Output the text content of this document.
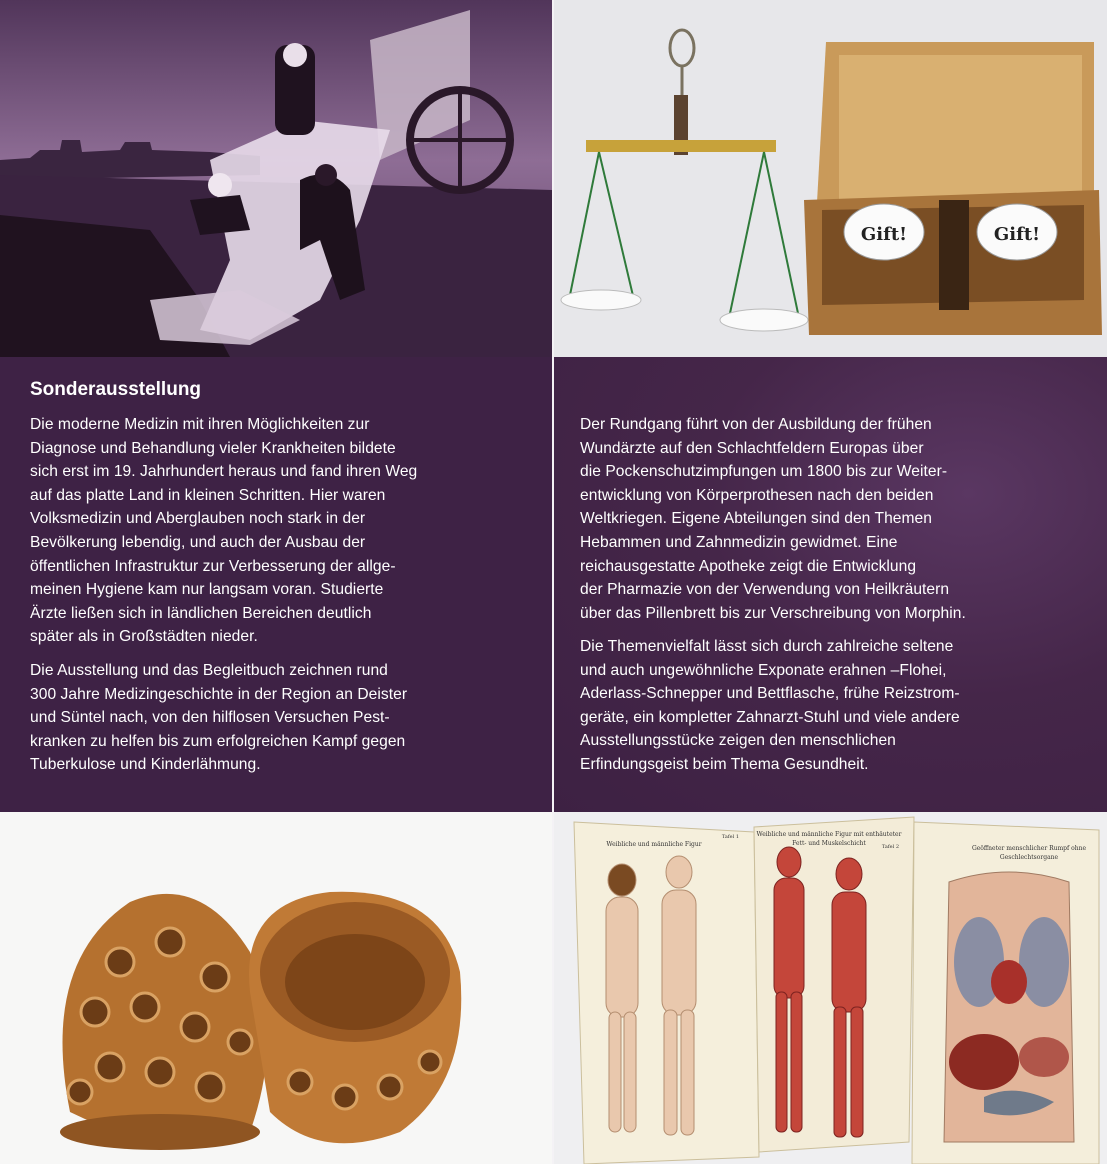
Gift!	Gift!
Sonderausstellung

Die moderne Medizin mit ihren Möglichkeiten zur
Diagnose und Behandlung vieler Krankheiten bildete
sich erst im 19. Jahrhundert heraus und fand ihren Weg
auf das platte Land in kleinen Schritten. Hier waren
Volksmedizin und Aberglauben noch stark in der
Bevölkerung lebendig, und auch der Ausbau der
öffentlichen Infrastruktur zur Verbesserung der allge-
meinen Hygiene kam nur langsam voran. Studierte
Ärzte ließen sich in ländlichen Bereichen deutlich
später als in Großstädten nieder.

Die Ausstellung und das Begleitbuch zeichnen rund
300 Jahre Medizingeschichte in der Region an Deister
und Süntel nach, von den hilflosen Versuchen Pest-
kranken zu helfen bis zum erfolgreichen Kampf gegen
Tuberkulose und Kinderlähmung.

Der Rundgang führt von der Ausbildung der frühen
Wundärzte auf den Schlachtfeldern Europas über
die Pockenschutzimpfungen um 1800 bis zur Weiter-
entwicklung von Körperprothesen nach den beiden
Weltkriegen. Eigene Abteilungen sind den Themen
Hebammen und Zahnmedizin gewidmet. Eine
reichausgestatte Apotheke zeigt die Entwicklung
der Pharmazie von der Verwendung von Heilkräutern
über das Pillenbrett bis zur Verschreibung von Morphin.

Die Themenvielfalt lässt sich durch zahlreiche seltene
und auch ungewöhnliche Exponate erahnen –Flohei,
Aderlass-Schnepper und Bettflasche, frühe Reizstrom-
geräte, ein kompletter Zahnarzt-Stuhl und viele andere
Ausstellungsstücke zeigen den menschlichen
Erfindungsgeist beim Thema Gesundheit.

Weibliche und männliche Figur
Tafel 1	Weibliche und männliche Figur mit enthäuteter
Fett- und Muskelschicht	Tafel 2	Geöffneter menschlicher Rumpf ohne
Geschlechtsorgane
